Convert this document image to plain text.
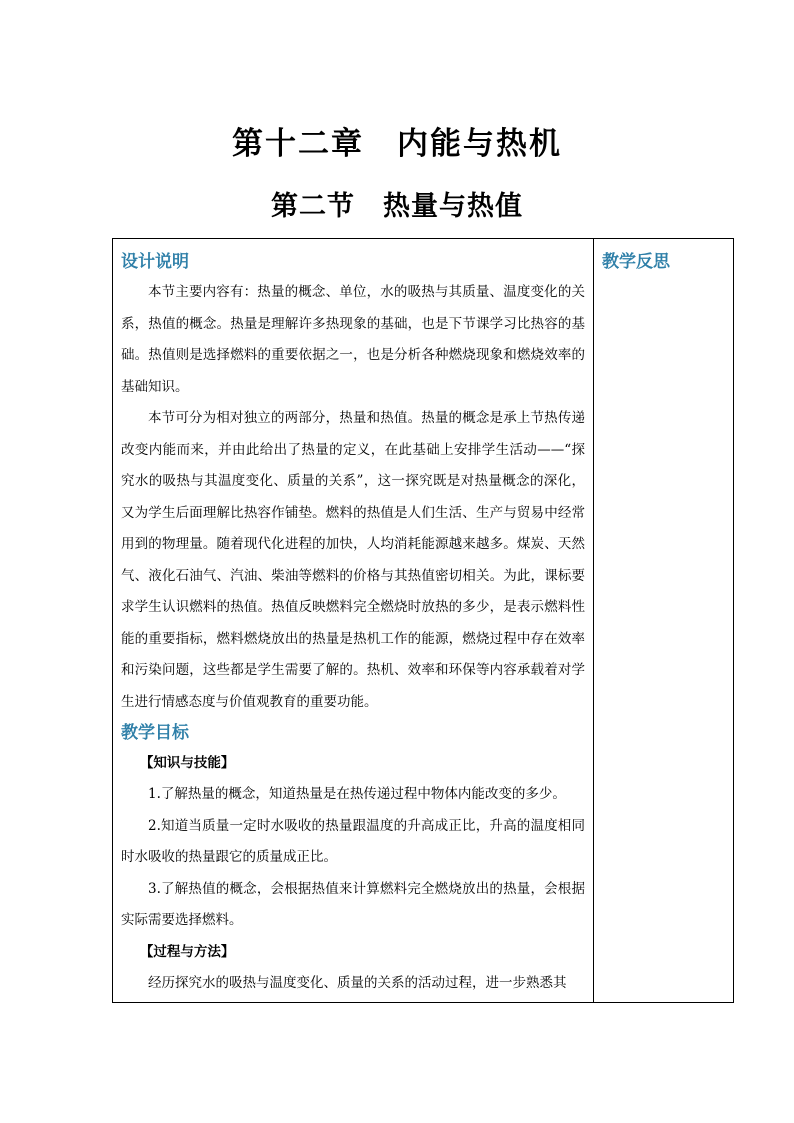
第十二章　内能与热机
第二节　热量与热值
设计说明

本节主要内容有：热量的概念、单位，水的吸热与其质量、温度变化的关系，热值的概念。热量是理解许多热现象的基础，也是下节课学习比热容的基础。热值则是选择燃料的重要依据之一，也是分析各种燃烧现象和燃烧效率的基础知识。

本节可分为相对独立的两部分，热量和热值。热量的概念是承上节热传递改变内能而来，并由此给出了热量的定义，在此基础上安排学生活动——“探究水的吸热与其温度变化、质量的关系”，这一探究既是对热量概念的深化，又为学生后面理解比热容作铺垫。燃料的热值是人们生活、生产与贸易中经常用到的物理量。随着现代化进程的加快，人均消耗能源越来越多。煤炭、天然气、液化石油气、汽油、柴油等燃料的价格与其热值密切相关。为此，课标要求学生认识燃料的热值。热值反映燃料完全燃烧时放热的多少，是表示燃料性能的重要指标，燃料燃烧放出的热量是热机工作的能源，燃烧过程中存在效率和污染问题，这些都是学生需要了解的。热机、效率和环保等内容承载着对学生进行情感态度与价值观教育的重要功能。

教学目标

【知识与技能】

1.了解热量的概念，知道热量是在热传递过程中物体内能改变的多少。

2.知道当质量一定时水吸收的热量跟温度的升高成正比，升高的温度相同时水吸收的热量跟它的质量成正比。

3.了解热值的概念，会根据热值来计算燃料完全燃烧放出的热量，会根据实际需要选择燃料。

【过程与方法】

经历探究水的吸热与温度变化、质量的关系的活动过程，进一步熟悉其

教学反思
